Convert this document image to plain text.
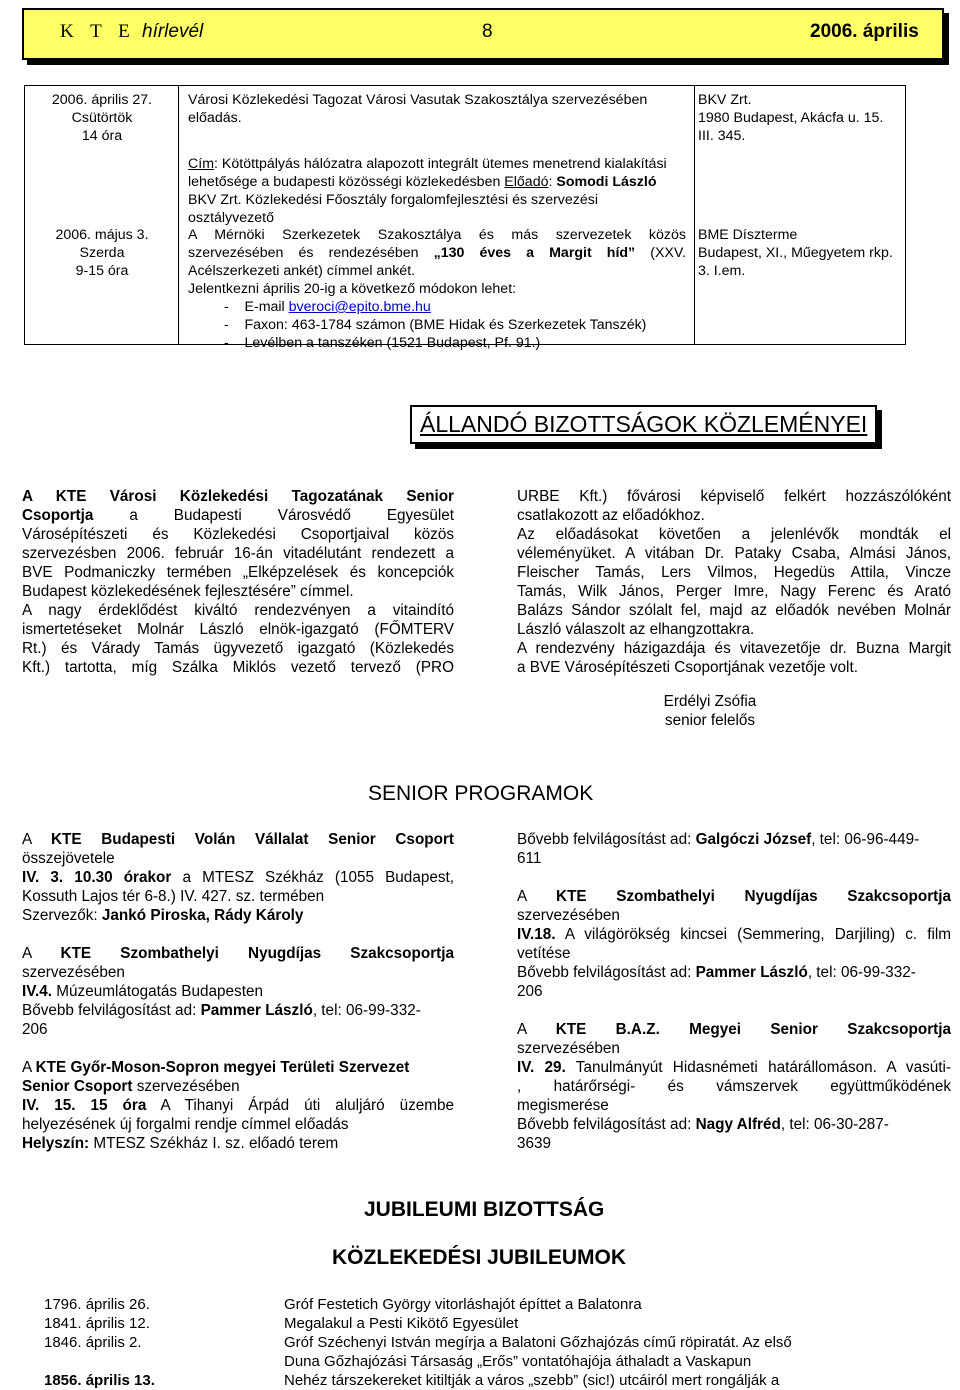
K T E hírlevél	8	2006. április
2006. április 27.
Csütörtök
14 óra
Városi Közlekedési Tagozat Városi Vasutak Szakosztálya szervezésében
előadás.
Cím: Kötöttpályás hálózatra alapozott integrált ütemes menetrend kialakítási
lehetősége a budapesti közösségi közlekedésben Előadó: Somodi László
BKV Zrt. Közlekedési Főosztály forgalomfejlesztési és szervezési
osztályvezető
BKV Zrt.
1980 Budapest, Akácfa u. 15.
III. 345.
2006. május 3.
Szerda
9-15 óra
A Mérnöki Szerkezetek Szakosztálya és más szervezetek közös
szervezésében és rendezésében „130 éves a Margit híd” (XXV.
Acélszerkezeti ankét) címmel ankét.
Jelentkezni április 20-ig a következő módokon lehet:
-    E-mail bveroci@epito.bme.hu
-    Faxon: 463-1784 számon (BME Hidak és Szerkezetek Tanszék)
-    Levélben a tanszéken (1521 Budapest, Pf. 91.)
BME Díszterme
Budapest, XI., Műegyetem rkp.
3. I.em.
ÁLLANDÓ BIZOTTSÁGOK KÖZLEMÉNYEI
A KTE Városi Közlekedési Tagozatának Senior
Csoportja a Budapesti Városvédő Egyesület
Városépítészeti és Közlekedési Csoportjaival közös
szervezésben 2006. február 16-án vitadélutánt rendezett a
BVE Podmaniczky termében „Elképzelések és koncepciók
Budapest közlekedésének fejlesztésére” címmel.
A nagy érdeklődést kiváltó rendezvényen a vitaindító
ismertetéseket Molnár László elnök-igazgató (FŐMTERV
Rt.) és Várady Tamás ügyvezető igazgató (Közlekedés
Kft.) tartotta, míg Szálka Miklós vezető tervező (PRO
URBE Kft.) fővárosi képviselő felkért hozzászólóként
csatlakozott az előadókhoz.
Az előadásokat követően a jelenlévők mondták el
véleményüket. A vitában Dr. Pataky Csaba, Almási János,
Fleischer Tamás, Lers Vilmos, Hegedüs Attila, Vincze
Tamás, Wilk János, Perger Imre, Nagy Ferenc és Arató
Balázs Sándor szólalt fel, majd az előadók nevében Molnár
László válaszolt az elhangzottakra.
A rendezvény házigazdája és vitavezetője dr. Buzna Margit
a BVE Városépítészeti Csoportjának vezetője volt.
Erdélyi Zsófia
senior felelős
SENIOR PROGRAMOK
A KTE Budapesti Volán Vállalat Senior Csoport
összejövetele
IV. 3. 10.30 órakor a MTESZ Székház (1055 Budapest,
Kossuth Lajos tér 6-8.) IV. 427. sz. termében
Szervezők: Jankó Piroska, Rády Károly
A KTE Szombathelyi Nyugdíjas Szakcsoportja
szervezésében
IV.4. Múzeumlátogatás Budapesten
Bővebb felvilágosítást ad: Pammer László, tel: 06-99-332-
206
A KTE Győr-Moson-Sopron megyei Területi Szervezet
Senior Csoport szervezésében
IV. 15. 15 óra A Tihanyi Árpád úti aluljáró üzembe
helyezésének új forgalmi rendje címmel előadás
Helyszín: MTESZ Székház I. sz. előadó terem
Bővebb felvilágosítást ad: Galgóczi József, tel: 06-96-449-
611
A KTE Szombathelyi Nyugdíjas Szakcsoportja
szervezésében
IV.18. A világörökség kincsei (Semmering, Darjiling) c. film
vetítése
Bővebb felvilágosítást ad: Pammer László, tel: 06-99-332-
206
A KTE B.A.Z. Megyei Senior Szakcsoportja
szervezésében
IV. 29. Tanulmányút Hidasnémeti határállomáson. A vasúti-
, határőrségi- és vámszervek együttműködének
megismerése
Bővebb felvilágosítást ad: Nagy Alfréd, tel: 06-30-287-
3639
JUBILEUMI BIZOTTSÁG
KÖZLEKEDÉSI JUBILEUMOK
1796. április 26.
1841. április 12.
1846. április 2.

1856. április 13.
Gróf Festetich György vitorláshajót építtet a Balatonra
Megalakul a Pesti Kikötő Egyesület
Gróf Széchenyi István megírja a Balatoni Gőzhajózás című röpiratát. Az első
Duna Gőzhajózási Társaság „Erős” vontatóhajója áthaladt a Vaskapun
Nehéz társzekereket kitiltják a város „szebb” (sic!) utcáiról mert rongálják a
